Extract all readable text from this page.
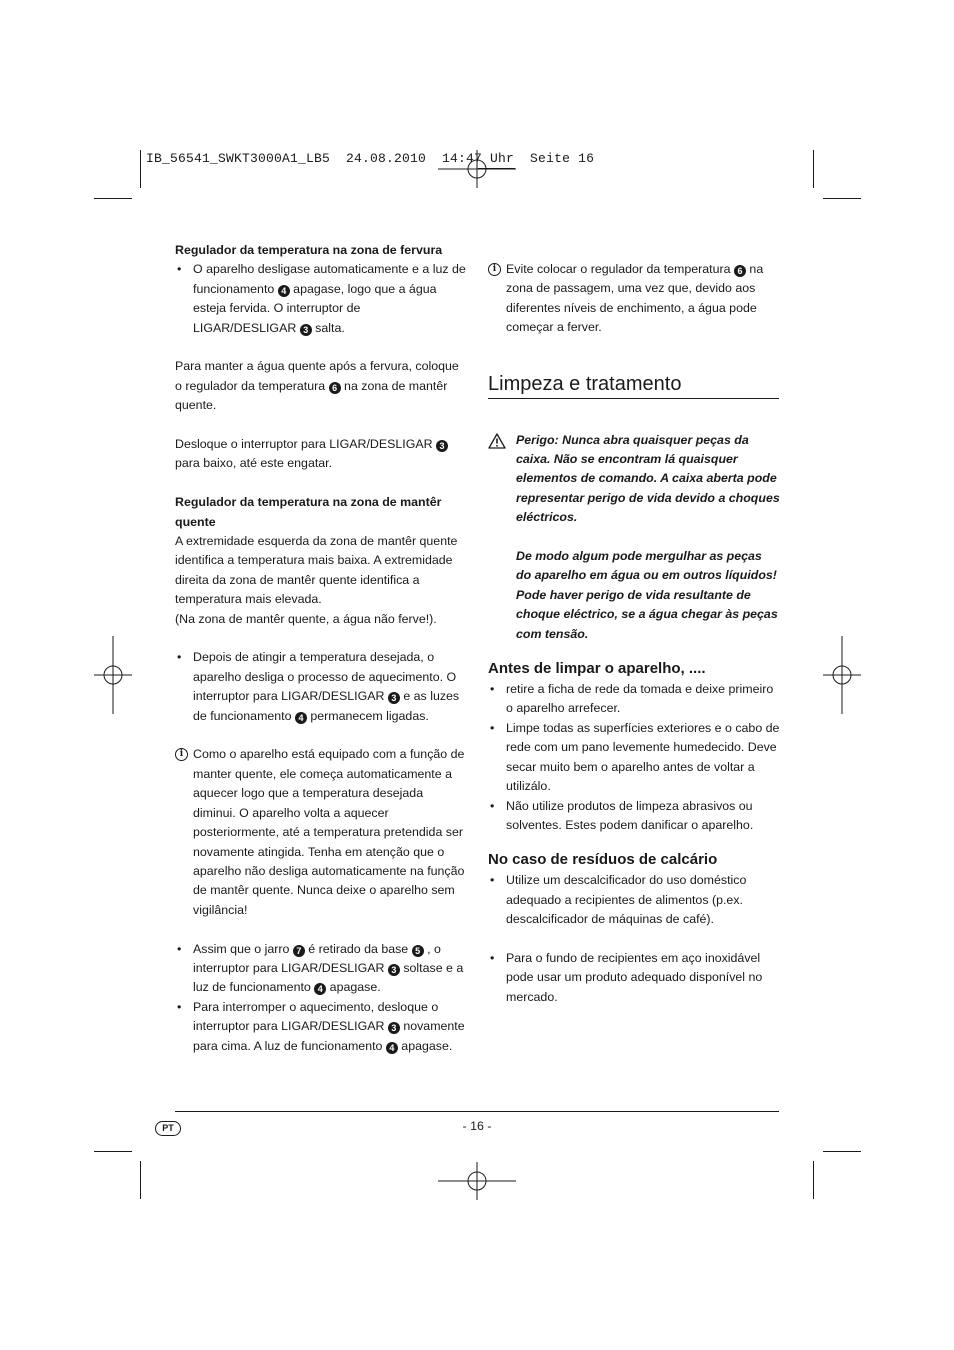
IB_56541_SWKT3000A1_LB5  24.08.2010  14:47 Uhr  Seite 16

Regulador da temperatura na zona de fervura

• O aparelho desligase automaticamente e a luz de funcionamento 4 apagase, logo que a água esteja fervida. O interruptor de LIGAR/DESLIGAR 3 salta.

Para manter a água quente após a fervura, coloque o regulador da temperatura 6 na zona de mantêr quente.

Desloque o interruptor para LIGAR/DESLIGAR 3 para baixo, até este engatar.

Regulador da temperatura na zona de mantêr quente

A extremidade esquerda da zona de mantêr quente identifica a temperatura mais baixa. A extremidade direita da zona de mantêr quente identifica a temperatura mais elevada.

(Na zona de mantêr quente, a água não ferve!).

• Depois de atingir a temperatura desejada, o aparelho desliga o processo de aquecimento. O interruptor para LIGAR/DESLIGAR 3 e as luzes de funcionamento 4 permanecem ligadas.
i Como o aparelho está equipado com a função de manter quente, ele começa automaticamente a aquecer logo que a temperatura desejada diminui. O aparelho volta a aquecer posteriormente, até a temperatura pretendida ser novamente atingida. Tenha em atenção que o aparelho não desliga automaticamente na função de mantêr quente. Nunca deixe o aparelho sem vigilância!
• Assim que o jarro 7 é retirado da base 5 , o interruptor para LIGAR/DESLIGAR 3 soltase e a luz de funcionamento 4 apagase.
• Para interromper o aquecimento, desloque o interruptor para LIGAR/DESLIGAR 3 novamente para cima. A luz de funcionamento 4 apagase.
i Evite colocar o regulador da temperatura 6 na zona de passagem, uma vez que, devido aos diferentes níveis de enchimento, a água pode começar a ferver.
Limpeza e tratamento

Perigo: Nunca abra quaisquer peças da caixa. Não se encontram lá quaisquer elementos de comando. A caixa aberta pode representar perigo de vida devido a choques eléctricos.

De modo algum pode mergulhar as peças do aparelho em água ou em outros líquidos! Pode haver perigo de vida resultante de choque eléctrico, se a água chegar às peças com tensão.

Antes de limpar o aparelho, ....
• retire a ficha de rede da tomada e deixe primeiro o aparelho arrefecer.
• Limpe todas as superfícies exteriores e o cabo de rede com um pano levemente humedecido. Deve secar muito bem o aparelho antes de voltar a utilizálo.
• Não utilize produtos de limpeza abrasivos ou solventes. Estes podem danificar o aparelho.
No caso de resíduos de calcário
• Utilize um descalcificador do uso doméstico adequado a recipientes de alimentos (p.ex. descalcificador de máquinas de café).
• Para o fundo de recipientes em aço inoxidável pode usar um produto adequado disponível no mercado.
PT	- 16 -
